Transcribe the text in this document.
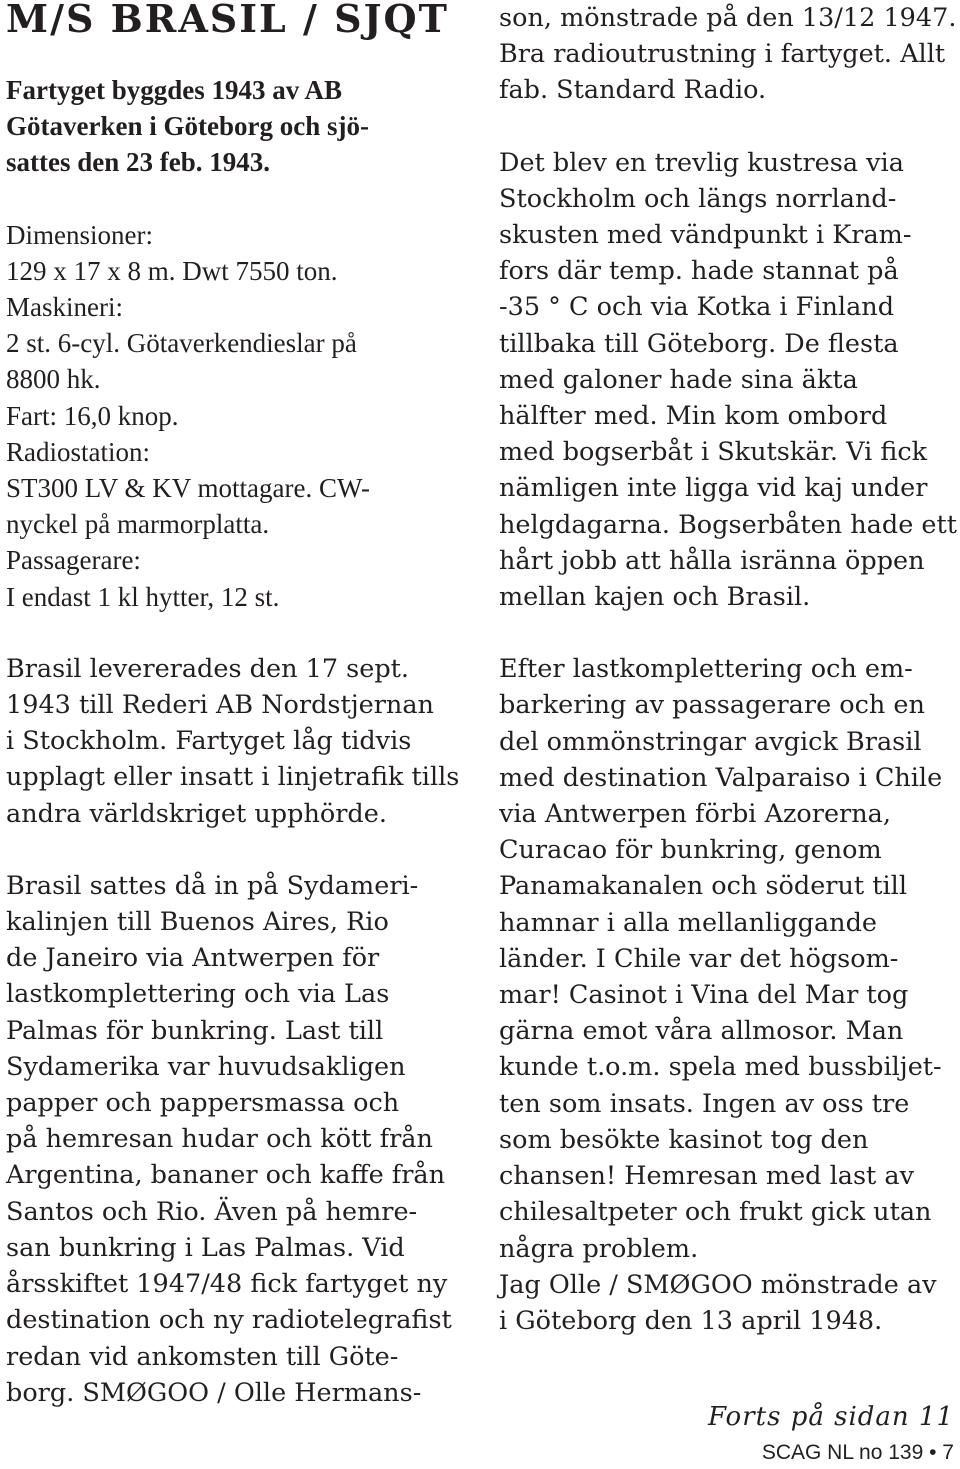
M/S BRASIL / SJQT

Fartyget byggdes 1943 av AB

Götaverken i Göteborg och sjö-

sattes den 23 feb. 1943.

Dimensioner:

129 x 17 x 8 m. Dwt 7550 ton.

Maskineri:

2 st. 6-cyl. Götaverkendieslar på

8800 hk.

Fart: 16,0 knop.

Radiostation:

ST300 LV & KV mottagare. CW-

nyckel på marmorplatta.

Passagerare:

I endast 1 kl hytter, 12 st.

Brasil levererades den 17 sept.

1943 till Rederi AB Nordstjernan

i Stockholm. Fartyget låg tidvis

upplagt eller insatt i linjetrafik tills

andra världskriget upphörde.

Brasil sattes då in på Sydameri-

kalinjen till Buenos Aires, Rio

de Janeiro via Antwerpen för

lastkomplettering och via Las

Palmas för bunkring. Last till

Sydamerika var huvudsakligen

papper och pappersmassa och

på hemresan hudar och kött från

Argentina, bananer och kaffe från

Santos och Rio. Även på hemre-

san bunkring i Las Palmas. Vid

årsskiftet 1947/48 fick fartyget ny

destination och ny radiotelegrafist

redan vid ankomsten till Göte-

borg. SMØGOO / Olle Hermans-

son, mönstrade på den 13/12 1947.

Bra radioutrustning i fartyget. Allt

fab. Standard Radio.

Det blev en trevlig kustresa via

Stockholm och längs norrland-

skusten med vändpunkt i Kram-

fors där temp. hade stannat på

-35 ° C och via Kotka i Finland

tillbaka till Göteborg. De flesta

med galoner hade sina äkta

hälfter med. Min kom ombord

med bogserbåt i Skutskär. Vi fick

nämligen inte ligga vid kaj under

helgdagarna. Bogserbåten hade ett

hårt jobb att hålla isränna öppen

mellan kajen och Brasil.

Efter lastkomplettering och em-

barkering av passagerare och en

del ommönstringar avgick Brasil

med destination Valparaiso i Chile

via Antwerpen förbi Azorerna,

Curacao för bunkring, genom

Panamakanalen och söderut till

hamnar i alla mellanliggande

länder. I Chile var det högsom-

mar! Casinot i Vina del Mar tog

gärna emot våra allmosor. Man

kunde t.o.m. spela med bussbiljet-

ten som insats. Ingen av oss tre

som besökte kasinot tog den

chansen! Hemresan med last av

chilesaltpeter och frukt gick utan

några problem.

Jag Olle / SMØGOO mönstrade av

i Göteborg den 13 april 1948.

Forts på sidan 11
SCAG NL no 139 • 7
